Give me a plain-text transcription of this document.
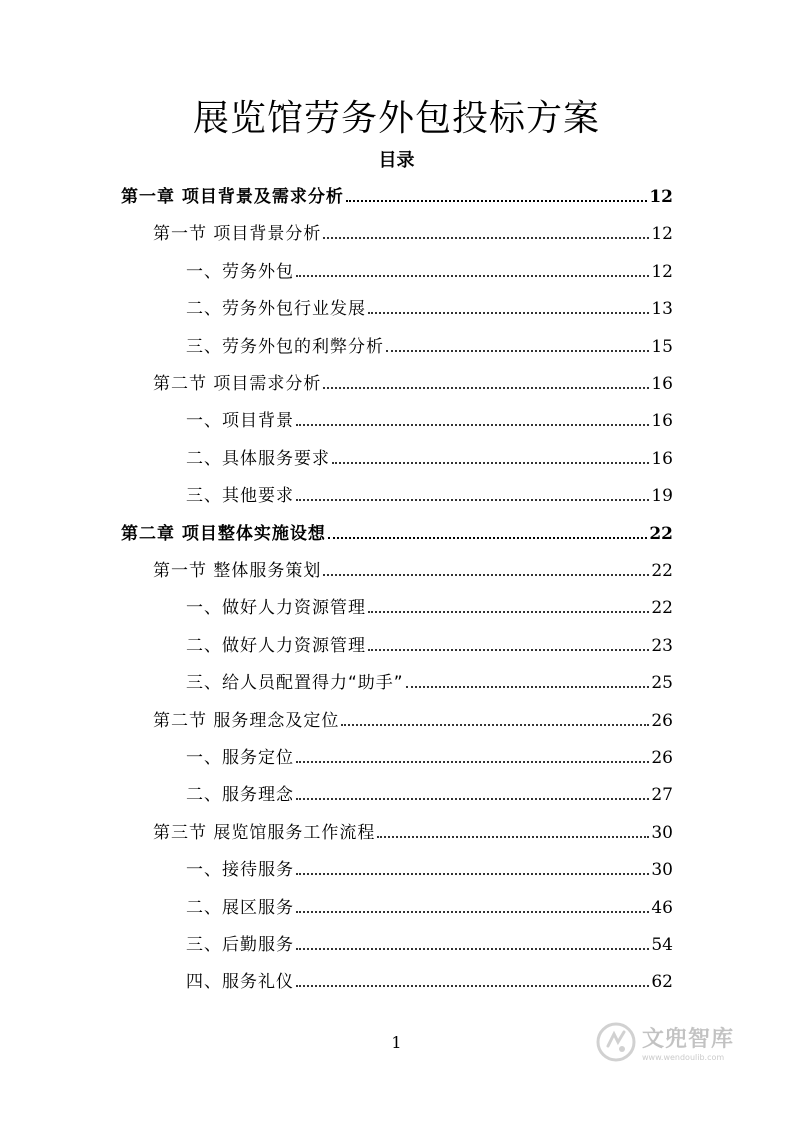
展览馆劳务外包投标方案
目录
第一章 项目背景及需求分析	12
第一节 项目背景分析	12
一、劳务外包	12
二、劳务外包行业发展	13
三、劳务外包的利弊分析	15
第二节 项目需求分析	16
一、项目背景	16
二、具体服务要求	16
三、其他要求	19
第二章 项目整体实施设想	22
第一节 整体服务策划	22
一、做好人力资源管理	22
二、做好人力资源管理	23
三、给人员配置得力“助手”	25
第二节 服务理念及定位	26
一、服务定位	26
二、服务理念	27
第三节 展览馆服务工作流程	30
一、接待服务	30
二、展区服务	46
三、后勤服务	54
四、服务礼仪	62
1	文兜智库
www.wendoulib.com
